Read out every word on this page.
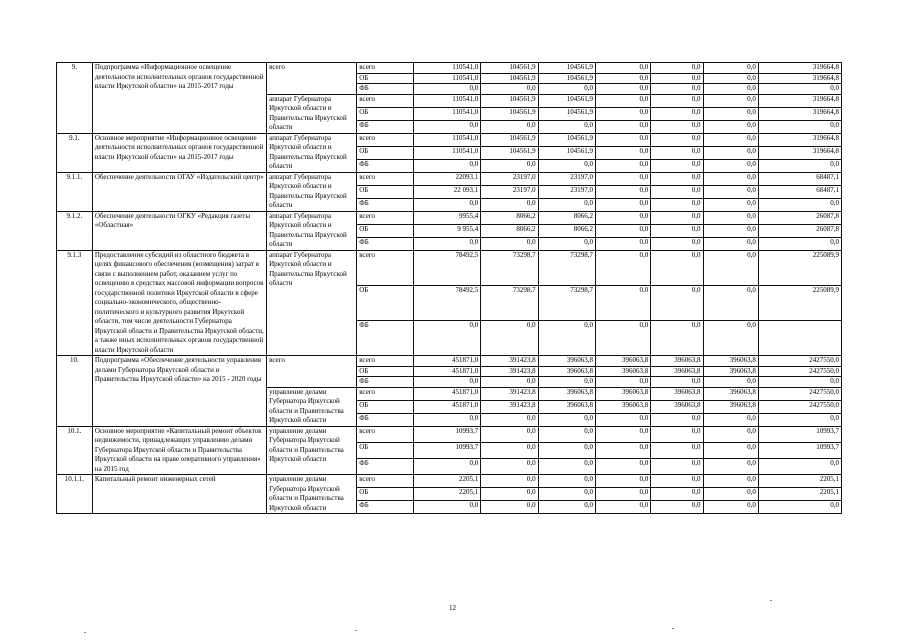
9.	Подпрограмма «Информационное освещение деятельности исполнительных органов государственной власти Иркутской области» на 2015-2017 годы	всего	всего	110541,0	104561,9	104561,9	0,0	0,0	0,0	319664,8
			ОБ	110541,0	104561,9	104561,9	0,0	0,0	0,0	319664,8
			ФБ	0,0	0,0	0,0	0,0	0,0	0,0	0,0
		аппарат Губернатора Иркутской области и Правительства Иркутской области	всего	110541,0	104561,9	104561,9	0,0	0,0	0,0	319664,8
			ОБ	110541,0	104561,9	104561,9	0,0	0,0	0,0	319664,8
			ФБ	0,0	0,0	0,0	0,0	0,0	0,0	0,0
9.1.	Основное мероприятие «Информационное освещение деятельности исполнительных органов государственной власти Иркутской области» на 2015-2017 годы	аппарат Губернатора Иркутской области и Правительства Иркутской области	всего	110541,0	104561,9	104561,9	0,0	0,0	0,0	319664,8
			ОБ	110541,0	104561,9	104561,9	0,0	0,0	0,0	319664,8
			ФБ	0,0	0,0	0,0	0,0	0,0	0,0	0,0
9.1.1.	Обеспечение деятельности ОГАУ «Издательский центр»	аппарат Губернатора Иркутской области и Правительства Иркутской области	всего	22093,1	23197,0	23197,0	0,0	0,0	0,0	68487,1
			ОБ	22 093,1	23197,0	23197,0	0,0	0,0	0,0	68487,1
			ФБ	0,0	0,0	0,0	0,0	0,0	0,0	0,0
9.1.2.	Обеспечение деятельности ОГКУ «Редакция газеты «Областная»	аппарат Губернатора Иркутской области и Правительства Иркутской области	всего	9955,4	8066,2	8066,2	0,0	0,0	0,0	26087,8
			ОБ	9 955,4	8066,2	8066,2	0,0	0,0	0,0	26087,8
			ФБ	0,0	0,0	0,0	0,0	0,0	0,0	0,0
9.1.3	Предоставление субсидий из областного бюджета в целях финансового обеспечения (возмещения) затрат в связи с выполнением работ, оказанием услуг по освещению в средствах массовой информации вопросов государственной политики Иркутской области в сфере социально-экономического, общественно-политического и культурного развития Иркутской области, том числе деятельности Губернатора Иркутской области и Правительства Иркутской области, а также иных исполнительных органов государственной власти Иркутской области	аппарат Губернатора Иркутской области и Правительства Иркутской области	всего	78492,5	73298,7	73298,7	0,0	0,0	0,0	225089,9
			ОБ	78492,5	73298,7	73298,7	0,0	0,0	0,0	225089,9
			ФБ	0,0	0,0	0,0	0,0	0,0	0,0	
10.	Подпрограмма «Обеспечение деятельности управления делами Губернатора Иркутской области и Правительства Иркутской области» на 2015 - 2020 годы	всего	всего	451871,0	391423,8	396063,8	396063,8	396063,8	396063,8	2427550,0
			ОБ	451871,0	391423,8	396063,8	396063,8	396063,8	396063,8	2427550,0
			ФБ	0,0	0,0	0,0	0,0	0,0	0,0	0,0
		управление делами Губернатора Иркутской области и Правительства Иркутской области	всего	451871,0	391423,8	396063,8	396063,8	396063,8	396063,8	2427550,0
			ОБ	451871,0	391423,8	396063,8	396063,8	396063,8	396063,8	2427550,0
			ФБ	0,0	0,0	0,0	0,0	0,0	0,0	0,0
10.1.	Основное мероприятие «Капитальный ремонт объектов недвижимости, принадлежащих управлению делами Губернатора Иркутской области и Правительства Иркутской области на праве оперативного управления» на 2015 год	управление делами Губернатора Иркутской области и Правительства Иркутской области	всего	10993,7	0,0	0,0	0,0	0,0	0,0	10993,7
			ОБ	10993,7	0,0	0,0	0,0	0,0	0,0	10993,7
			ФБ	0,0	0,0	0,0	0,0	0,0	0,0	0,0
10.1.1.	Капитальный ремонт инженерных сетей	управление делами Губернатора Иркутской области и Правительства Иркутской области	всего	2205,1	0,0	0,0	0,0	0,0	0,0	2205,1
			ОБ	2205,1	0,0	0,0	0,0	0,0	0,0	2205,1
			ФБ	0,0	0,0	0,0	0,0	0,0	0,0	0,0
12
